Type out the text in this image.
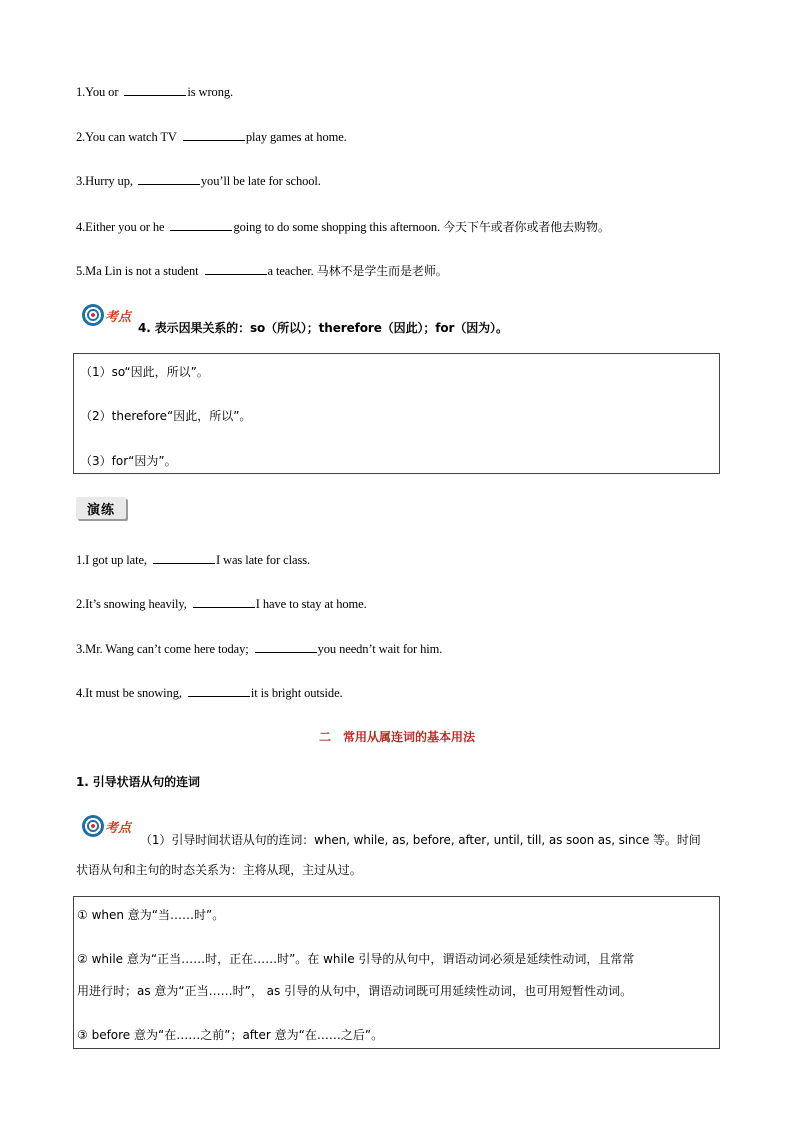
1.You or	is wrong.
2.You can watch TV	play games at home.
3.Hurry up,	you’ll be late for school.
4.Either you or he	going to do some shopping this afternoon. 今天下午或者你或者他去购物。
5.Ma Lin is not a student	a teacher. 马林不是学生而是老师。
考点
4. 表示因果关系的：so（所以）；therefore（因此）；for（因为）。
（1）so“因此，所以”。
（2）therefore“因此，所以”。
（3）for“因为”。
演练
1.I got up late,	I was late for class.
2.It’s snowing heavily,	I have to stay at home.
3.Mr. Wang can’t come here today;	you needn’t wait for him.
4.It must be snowing,	it is bright outside.
二　常用从属连词的基本用法
1. 引导状语从句的连词
考点
（1）引导时间状语从句的连词：when, while, as, before, after, until, till, as soon as, since 等。时间
状语从句和主句的时态关系为：主将从现，主过从过。
① when 意为“当……时”。
② while 意为“正当……时，正在……时”。在 while 引导的从句中，谓语动词必须是延续性动词，且常常
用进行时；as 意为“正当……时”， as 引导的从句中，谓语动词既可用延续性动词，也可用短暂性动词。
③ before 意为“在……之前”；after 意为“在……之后”。
